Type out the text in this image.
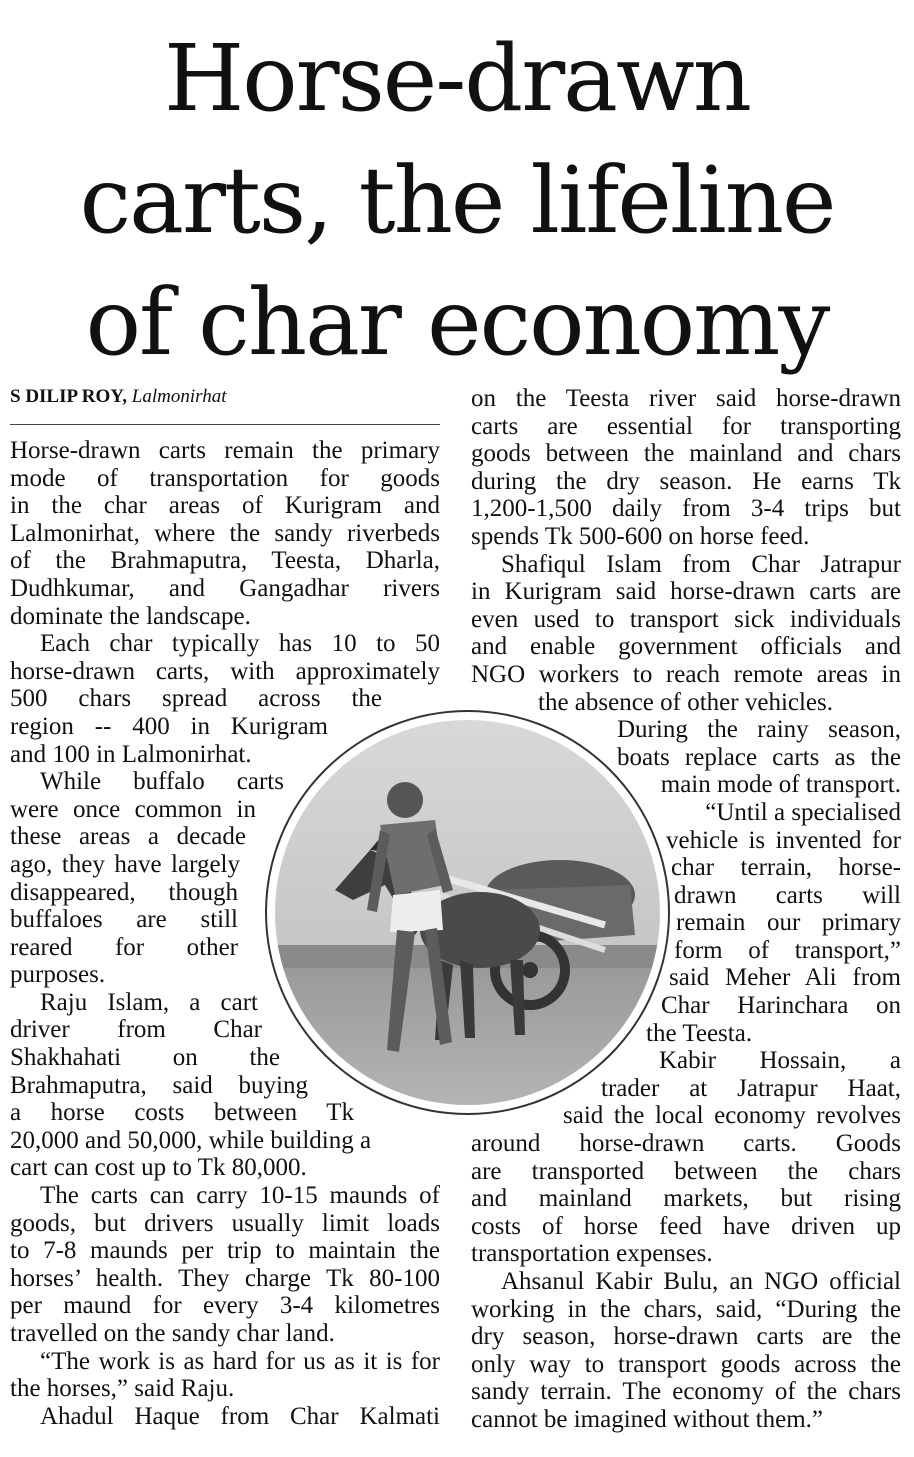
Horse-drawn
carts, the lifeline
of char economy
S DILIP ROY, Lalmonirhat
Horse-drawn carts remain the primary
mode of transportation for goods
in the char areas of Kurigram and
Lalmonirhat, where the sandy riverbeds
of the Brahmaputra, Teesta, Dharla,
Dudhkumar, and Gangadhar rivers
dominate the landscape.
Each char typically has 10 to 50
horse-drawn carts, with approximately
500 chars spread across the
region -- 400 in Kurigram
and 100 in Lalmonirhat.
While buffalo carts
were once common in
these areas a decade
ago, they have largely
disappeared, though
buffaloes are still
reared for other
purposes.
Raju Islam, a cart
driver from Char
Shakhahati on the
Brahmaputra, said buying
a horse costs between Tk
20,000 and 50,000, while building a
cart can cost up to Tk 80,000.
The carts can carry 10-15 maunds of
goods, but drivers usually limit loads
to 7-8 maunds per trip to maintain the
horses’ health. They charge Tk 80-100
per maund for every 3-4 kilometres
travelled on the sandy char land.
“The work is as hard for us as it is for
the horses,” said Raju.
Ahadul Haque from Char Kalmati
on the Teesta river said horse-drawn
carts are essential for transporting
goods between the mainland and chars
during the dry season. He earns Tk
1,200-1,500 daily from 3-4 trips but
spends Tk 500-600 on horse feed.
Shafiqul Islam from Char Jatrapur
in Kurigram said horse-drawn carts are
even used to transport sick individuals
and enable government officials and
NGO workers to reach remote areas in
the absence of other vehicles.
During the rainy season,
boats replace carts as the
main mode of transport.
“Until a specialised
vehicle is invented for
char terrain, horse-
drawn carts will
remain our primary
form of transport,”
said Meher Ali from
Char Harinchara on
the Teesta.
Kabir Hossain, a
trader at Jatrapur Haat,
said the local economy revolves
around horse-drawn carts. Goods
are transported between the chars
and mainland markets, but rising
costs of horse feed have driven up
transportation expenses.
Ahsanul Kabir Bulu, an NGO official
working in the chars, said, “During the
dry season, horse-drawn carts are the
only way to transport goods across the
sandy terrain. The economy of the chars
cannot be imagined without them.”
